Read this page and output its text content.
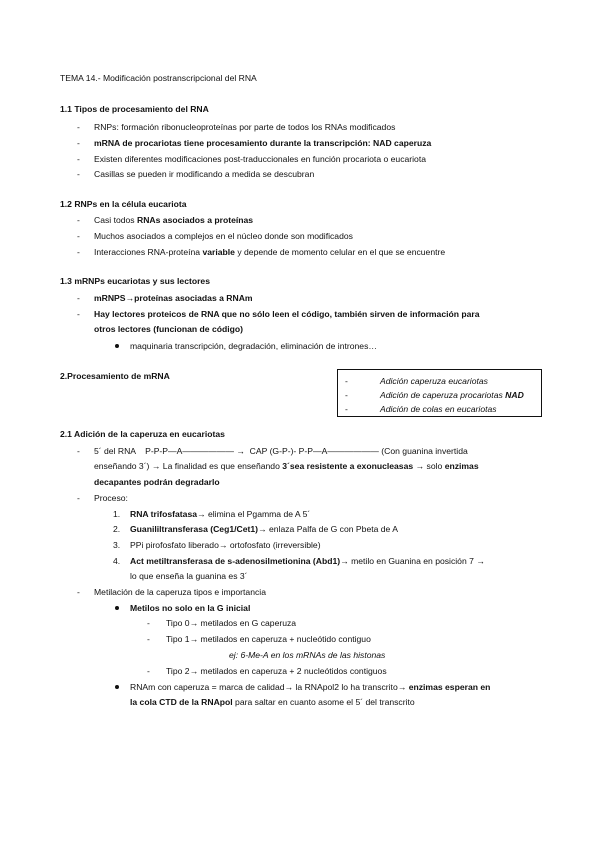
TEMA 14.- Modificación postranscripcional del RNA
1.1 Tipos de procesamiento del RNA
- RNPs: formación ribonucleoproteínas por parte de todos los RNAs modificados
- mRNA de procariotas tiene procesamiento durante la transcripción: NAD caperuza
- Existen diferentes modificaciones post-traduccionales en función procariota o eucariota
- Casillas se pueden ir modificando a medida se descubran
1.2 RNPs en la célula eucariota
- Casi todos RNAs asociados a proteínas
- Muchos asociados a complejos en el núcleo donde son modificados
- Interacciones RNA-proteína variable y depende de momento celular en el que se encuentre
1.3 mRNPs eucariotas y sus lectores
- mRNPS→proteínas asociadas a RNAm
- Hay lectores proteicos de RNA que no sólo leen el código, también sirven de información para
otros lectores (funcionan de código)
maquinaria transcripción, degradación, eliminación de intrones…
2.Procesamiento de mRNA	-	Adición caperuza eucariotas
-	Adición de caperuza procariotas NAD
-	Adición de colas en eucariotas
2.1 Adición de la caperuza en eucariotas
- 5´ del RNA    P-P-P—A—————— →  CAP (G-P-)- P-P—A—————— (Con guanina invertida
enseñando 3´) → La finalidad es que enseñando 3´sea resistente a exonucleasas → solo enzimas
decapantes podrán degradarlo
- Proceso:
1. RNA trifosfatasa→ elimina el Pgamma de A 5´
2. Guanililtransferasa (Ceg1/Cet1)→ enlaza Palfa de G con Pbeta de A
3. PPi pirofosfato liberado→ ortofosfato (irreversible)
4. Act metiltransferasa de s-adenosilmetionina (Abd1)→ metilo en Guanina en posición 7 →
lo que enseña la guanina es 3´
- Metilación de la caperuza tipos e importancia
Metilos no solo en la G inicial
- Tipo 0→ metilados en G caperuza
- Tipo 1→ metilados en caperuza + nucleótido contiguo
ej: 6-Me-A en los mRNAs de las histonas
- Tipo 2→ metilados en caperuza + 2 nucleótidos contiguos
RNAm con caperuza = marca de calidad→ la RNApol2 lo ha transcrito→ enzimas esperan en
la cola CTD de la RNApol para saltar en cuanto asome el 5´ del transcrito
